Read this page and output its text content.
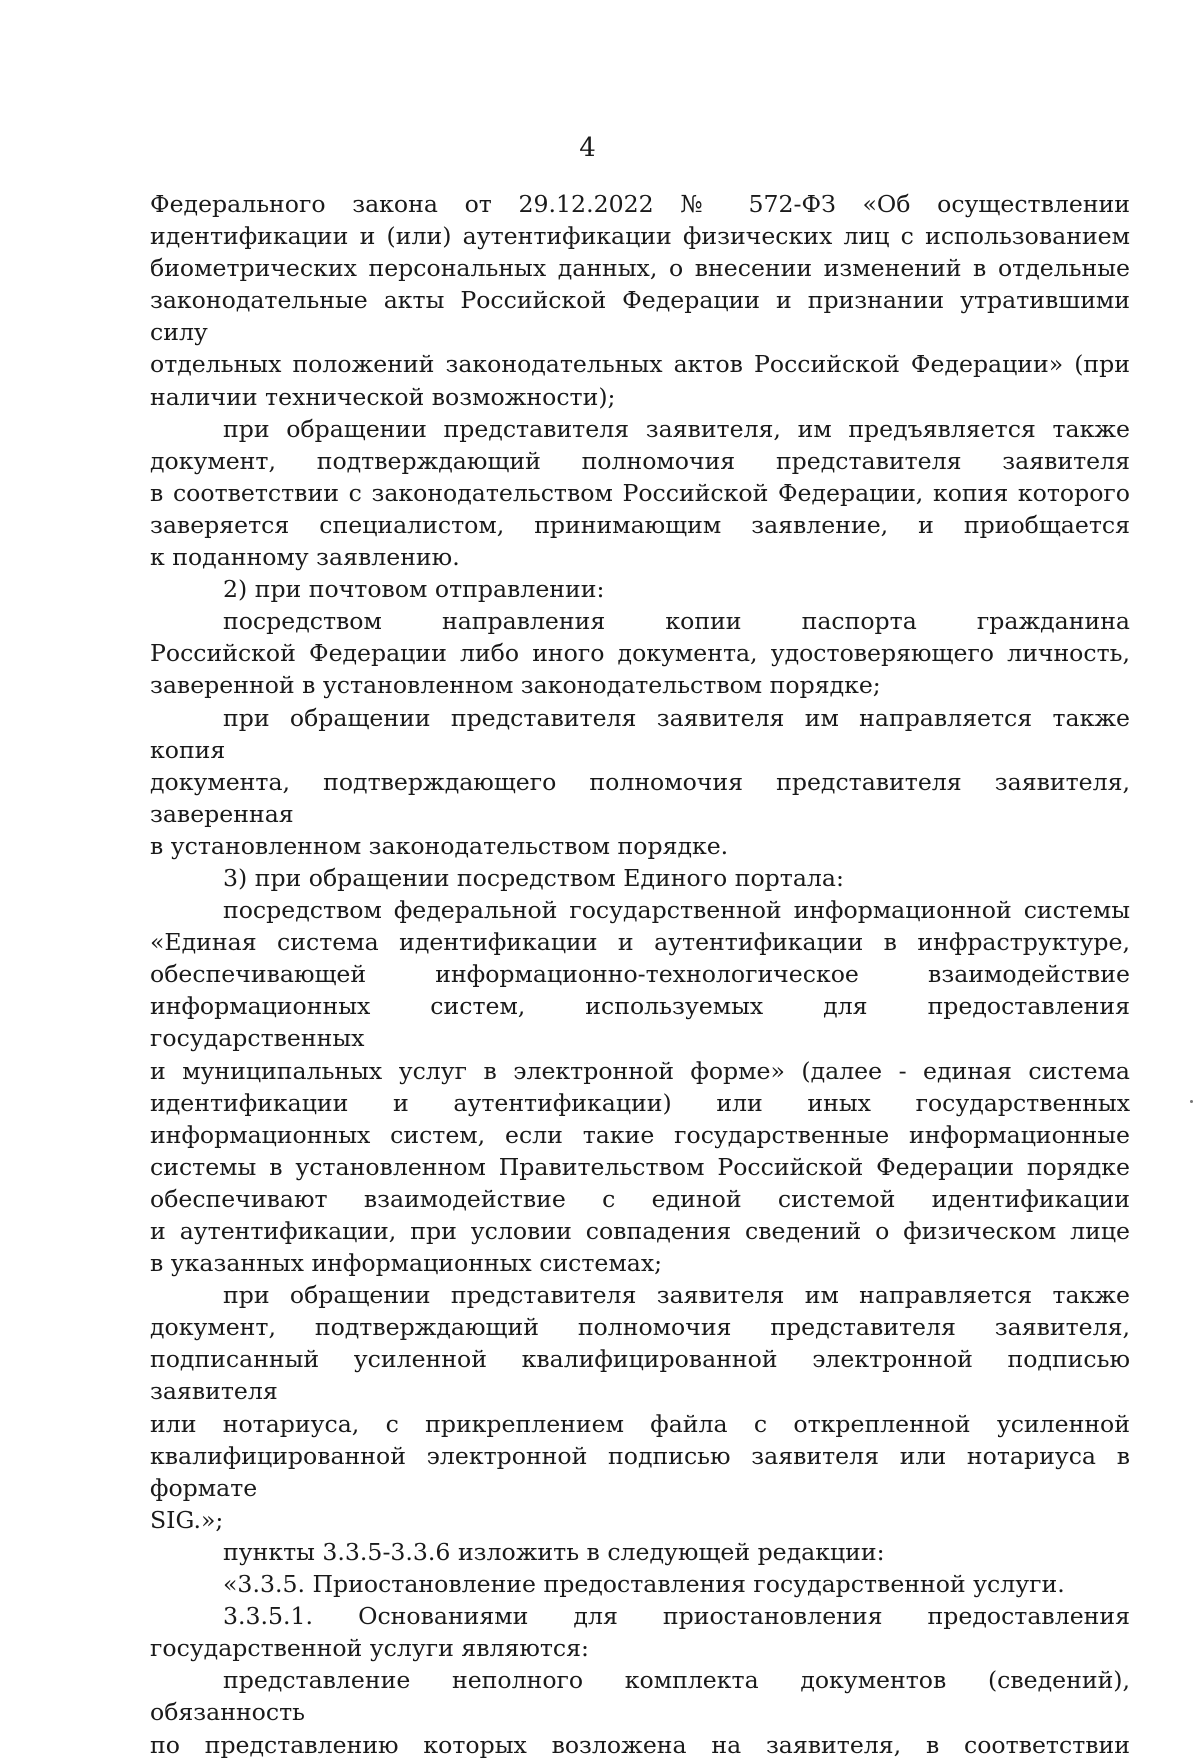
4

Федерального закона от 29.12.2022 № 572-ФЗ «Об осуществлении

идентификации и (или) аутентификации физических лиц с использованием

биометрических персональных данных, о внесении изменений в отдельные

законодательные акты Российской Федерации и признании утратившими силу

отдельных положений законодательных актов Российской Федерации» (при

наличии технической возможности);

при обращении представителя заявителя, им предъявляется также

документ, подтверждающий полномочия представителя заявителя

в соответствии с законодательством Российской Федерации, копия которого

заверяется специалистом, принимающим заявление, и приобщается

к поданному заявлению.

2) при почтовом отправлении:

посредством направления копии паспорта гражданина

Российской Федерации либо иного документа, удостоверяющего личность,

заверенной в установленном законодательством порядке;

при обращении представителя заявителя им направляется также копия

документа, подтверждающего полномочия представителя заявителя, заверенная

в установленном законодательством порядке.

3) при обращении посредством Единого портала:

посредством федеральной государственной информационной системы

«Единая система идентификации и аутентификации в инфраструктуре,

обеспечивающей информационно-технологическое взаимодействие

информационных систем, используемых для предоставления государственных

и муниципальных услуг в электронной форме» (далее - единая система

идентификации и аутентификации) или иных государственных

информационных систем, если такие государственные информационные

системы в установленном Правительством Российской Федерации порядке

обеспечивают взаимодействие с единой системой идентификации

и аутентификации, при условии совпадения сведений о физическом лице

в указанных информационных системах;

при обращении представителя заявителя им направляется также

документ, подтверждающий полномочия представителя заявителя,

подписанный усиленной квалифицированной электронной подписью заявителя

или нотариуса, с прикреплением файла с открепленной усиленной

квалифицированной электронной подписью заявителя или нотариуса в формате

SIG.»;

пункты 3.3.5-3.3.6 изложить в следующей редакции:

«3.3.5. Приостановление предоставления государственной услуги.

3.3.5.1. Основаниями для приостановления предоставления

государственной услуги являются:

представление неполного комплекта документов (сведений), обязанность

по представлению которых возложена на заявителя, в соответствии
